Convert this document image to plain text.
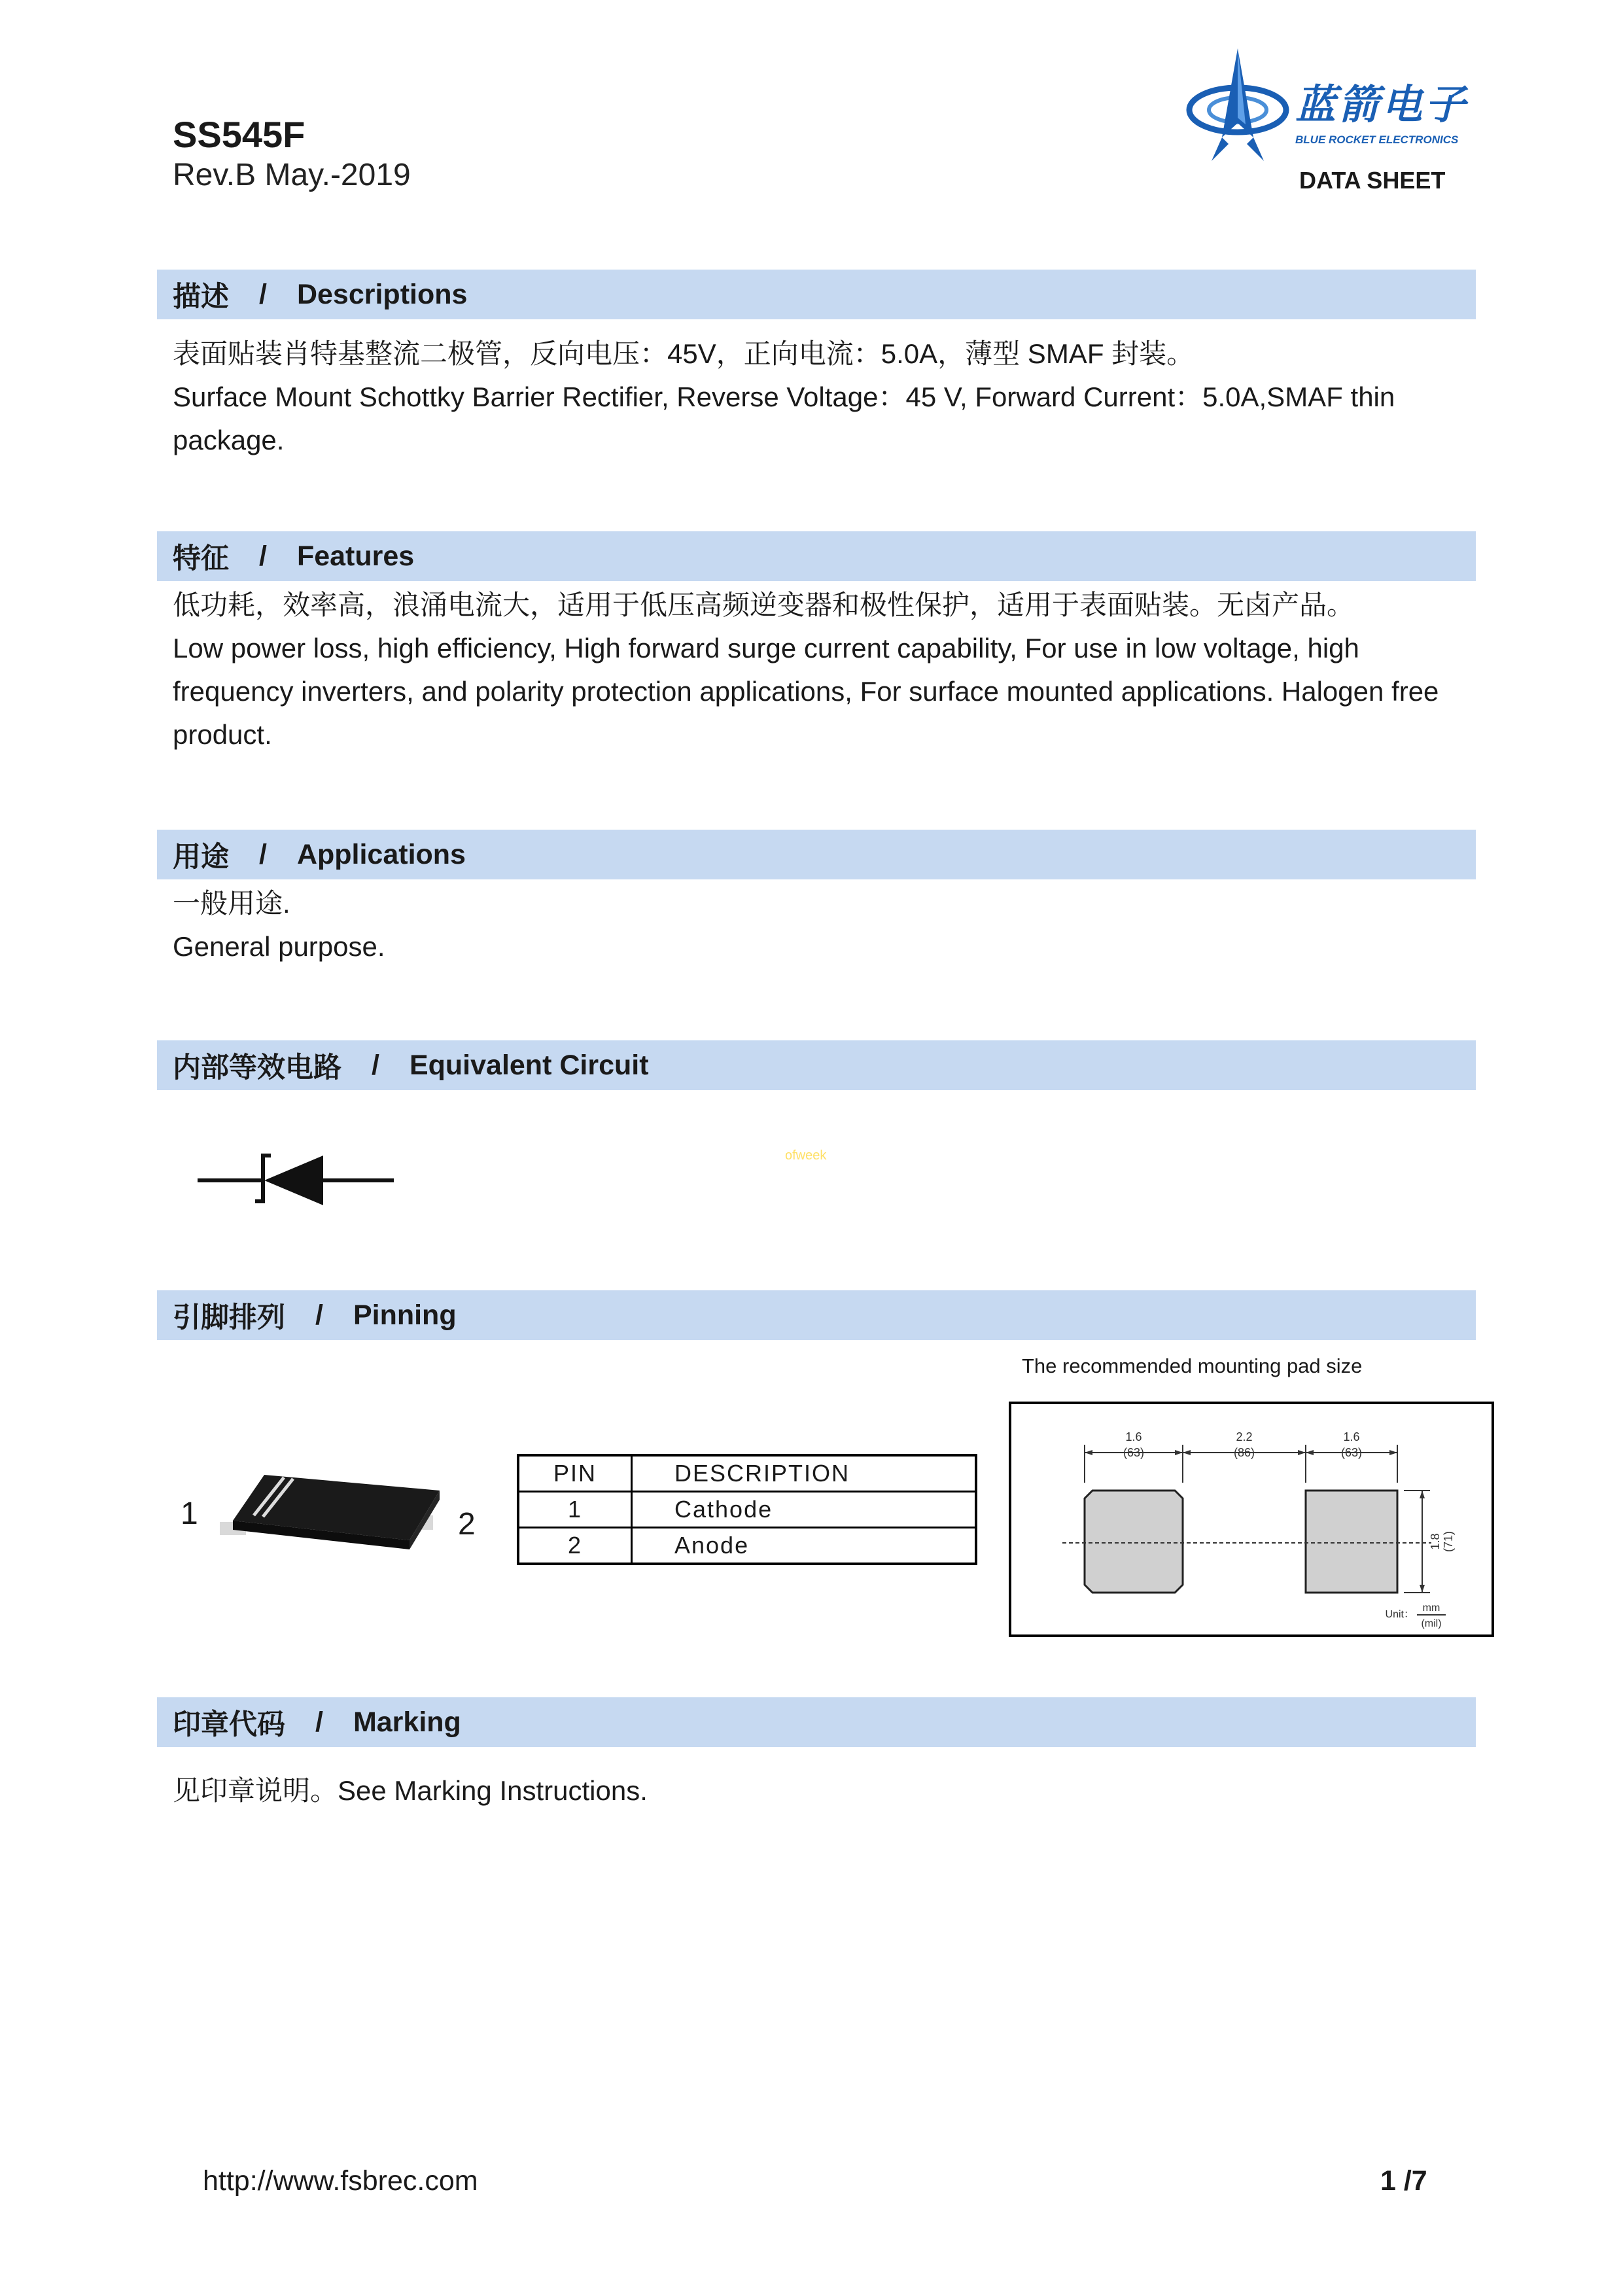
SS545F
Rev.B May.-2019
蓝箭电子
BLUE ROCKET ELECTRONICS
DATA SHEET
描述 / Descriptions
表面贴装肖特基整流二极管，反向电压：45V，正向电流：5.0A，薄型 SMAF 封装。
Surface Mount Schottky Barrier Rectifier, Reverse Voltage：45 V, Forward Current：5.0A,SMAF thin package.
特征 / Features
低功耗，效率高，浪涌电流大，适用于低压高频逆变器和极性保护，适用于表面贴装。无卤产品。
Low power loss, high efficiency, High forward surge current capability, For use in low voltage, high frequency inverters, and polarity protection applications, For surface mounted applications. Halogen free product.
用途 / Applications
一般用途.
General purpose.
内部等效电路 / Equivalent Circuit
ofweek
引脚排列 / Pinning
1	2
PIN	DESCRIPTION
1	Cathode
2	Anode
The recommended mounting pad size
1.6
(63)
2.2
(86)
1.6
(63)
1.8 (71)
Unit：
mm
(mil)
印章代码 / Marking
见印章说明。See Marking Instructions.
http://www.fsbrec.com	1 /7
